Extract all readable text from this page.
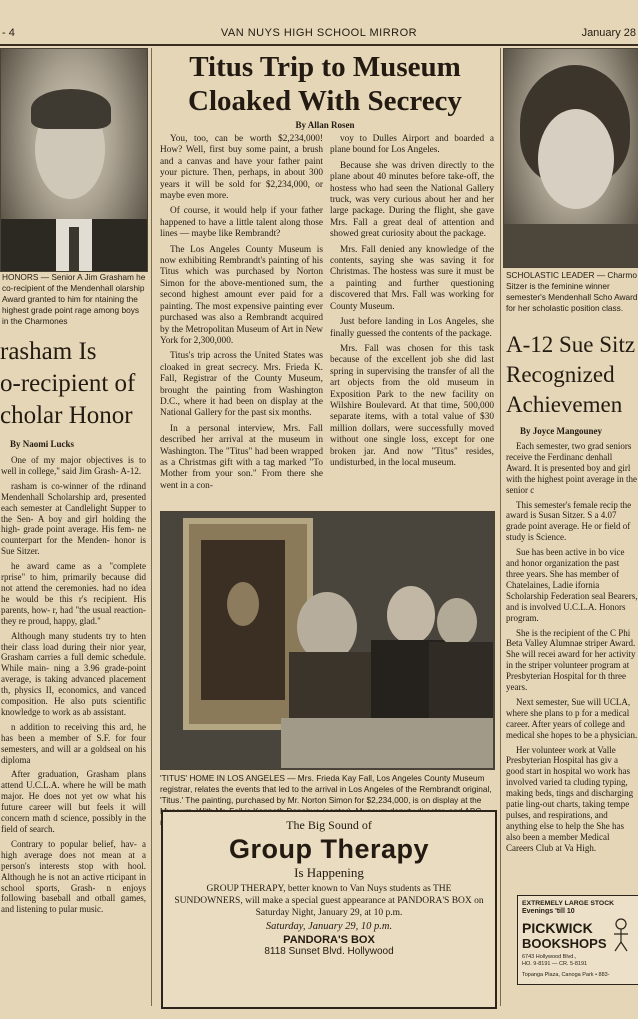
- 4	VAN NUYS HIGH SCHOOL MIRROR	January 28
HONORS — Senior A Jim Grasham he co-recipient of the Mendenhall olarship Award granted to him for ntaining the highest grade point rage among boys in the Charmones
rasham Is
o-recipient of
cholar Honor
By Naomi Lucks

One of my major objectives is to well in college," said Jim Grash- A-12.

rasham is co-winner of the rdinand Mendenhall Scholarship ard, presented each semester at Candlelight Supper to the Sen- A boy and girl holding the high- grade point average. His fem- ne counterpart for the Menden- honor is Sue Sitzer.

he award came as a "complete rprise" to him, primarily because did not attend the ceremonies. had no idea he would be this r's recipient. His parents, how- r, had "the usual reaction-they re proud, happy, glad."

Although many students try to hten their class load during their nior year, Grasham carries a full demic schedule. While main- ning a 3.96 grade-point average, is taking advanced placement th, physics II, economics, and vanced composition. He also puts scientific knowledge to work as ab assistant.

n addition to receiving this ard, he has been a member of S.F. for four semesters, and will ar a goldseal on his diploma

After graduation, Grasham plans attend U.C.L.A. where he will be math major. He does not yet ow what his future career will but feels it will concern math d science, possibly in the field of search.

Contrary to popular belief, hav- a high average does not mean at a person's interests stop with hool. Although he is not an active rticipant in school sports, Grash- n enjoys following baseball and otball games, and listening to pular music.

Titus Trip to Museum
Cloaked With Secrecy
By Allan Rosen

You, too, can be worth $2,234,000! How? Well, first buy some paint, a brush and a canvas and have your father paint your picture. Then, perhaps, in about 300 years it will be sold for $2,234,000, or maybe even more.

Of course, it would help if your father happened to have a little talent along those lines — maybe like Rembrandt?

The Los Angeles County Museum is now exhibiting Rembrandt's painting of his Titus which was purchased by Norton Simon for the above-mentioned sum, the second highest amount ever paid for a painting. The most expensive painting ever purchased was also a Rembrandt acquired by the Metropolitan Museum of Art in New York for 2,300,000.

Titus's trip across the United States was cloaked in great secrecy. Mrs. Frieda K. Fall, Registrar of the County Museum, brought the painting from Washington D.C., where it had been on display at the National Gallery for the past six months.

In a personal interview, Mrs. Fall described her arrival at the museum in Washington. The "Titus" had been wrapped as a Christmas gift with a tag marked "To Mother from your son." From there she went in a con-

voy to Dulles Airport and boarded a plane bound for Los Angeles.

Because she was driven directly to the plane about 40 minutes before take-off, the hostess who had seen the National Gallery truck, was very curious about her and her large package. During the flight, she gave Mrs. Fall a great deal of attention and showed great curiosity about the package.

Mrs. Fall denied any knowledge of the contents, saying she was saving it for Christmas. The hostess was sure it must be a painting and further questioning discovered that Mrs. Fall was working for County Museum.

Just before landing in Los Angeles, she finally guessed the contents of the package.

Mrs. Fall was chosen for this task because of the excellent job she did last spring in supervising the transfer of all the art objects from the old museum in Exposition Park to the new facility on Wilshire Boulevard. At that time, 500,000 separate items, with a total value of $30 million dollars, were successfully moved without one single loss, except for one broken jar. And now "Titus" resides, undisturbed, in the local museum.

'TITUS' HOME IN LOS ANGELES — Mrs. Frieda Kay Fall, Los Angeles County Museum registrar, relates the events that led to the arrival in Los Angeles of the Rembrandt original, 'Titus.' The painting, purchased by Mr. Norton Simon for $2,234,000, is on display at the
The Big Sound of
Group Therapy
Is Happening
GROUP THERAPY, better known to Van Nuys students as THE SUNDOWNERS, will make a special guest appearance at PANDORA'S BOX on Saturday Night, January 29, at 10 p.m.
Saturday, January 29, 10 p.m.
PANDORA'S BOX
8118 Sunset Blvd. Hollywood
SCHOLASTIC LEADER — Charmo Sitzer is the feminine winner semester's Mendenhall Scho Award for her scholastic position class.
A-12 Sue Sitz
Recognized
Achievemen
By Joyce Mangouney

Each semester, two grad seniors receive the Ferdinanc denhall Award. It is presented boy and girl with the highest point average in the senior c

This semester's female recip the award is Susan Sitzer. S a 4.07 grade point average. He or field of study is Science.

Sue has been active in bo vice and honor organization the past three years. She has member of Chatelaines, Ladie ifornia Scholarship Federation seal Bearers, and is involved U.C.L.A. Honors program.

She is the recipient of the C Phi Beta Valley Alumnae striper Award. She will recei award for her activity in the striper volunteer program at Presbyterian Hospital for th three years.

Next semester, Sue will UCLA, where she plans to p for a medical career. After years of college and medical she hopes to be a physician.

Her volunteer work at Valle Presbyterian Hospital has giv a good start in hospital wo work has involved varied ta cluding typing, making beds, tings and discharging patie ling-out charts, taking tempe pulses, and respirations, and anything else to help the She has also been a member Medical Careers Club at Va High.

EXTREMELY LARGE STOCK
Evenings 'till 10
PICKWICK
BOOKSHOPS
6743 Hollywood Blvd.,
HO. 9-8191 — CR. 5-8191
Topanga Plaza, Canoga Park • 883-
